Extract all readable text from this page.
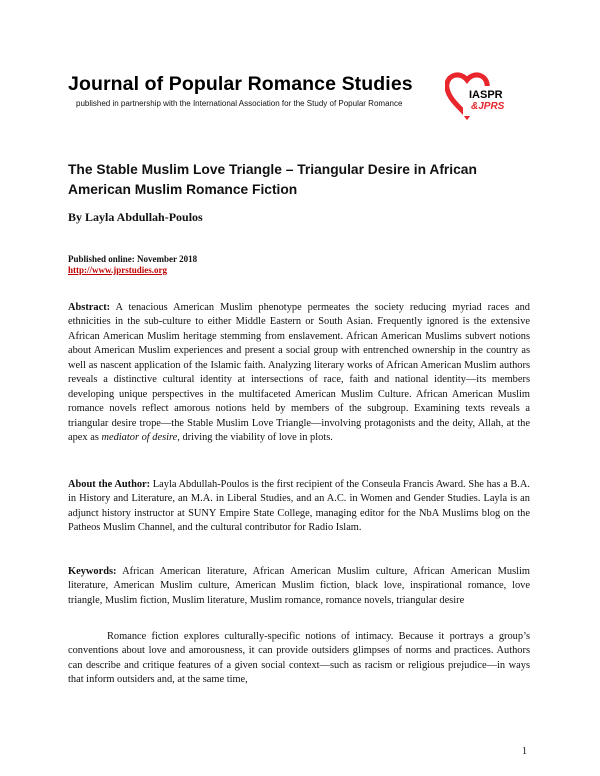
Journal of Popular Romance Studies
published in partnership with the International Association for the Study of Popular Romance
IASPR
&JPRS
The Stable Muslim Love Triangle – Triangular Desire in African American Muslim Romance Fiction
By Layla Abdullah-Poulos
Published online: November 2018
http://www.jprstudies.org

Abstract: A tenacious American Muslim phenotype permeates the society reducing myriad races and ethnicities in the sub-culture to either Middle Eastern or South Asian. Frequently ignored is the extensive African American Muslim heritage stemming from enslavement. African American Muslims subvert notions about American Muslim experiences and present a social group with entrenched ownership in the country as well as nascent application of the Islamic faith. Analyzing literary works of African American Muslim authors reveals a distinctive cultural identity at intersections of race, faith and national identity—its members developing unique perspectives in the multifaceted American Muslim Culture. African American Muslim romance novels reflect amorous notions held by members of the subgroup. Examining texts reveals a triangular desire trope—the Stable Muslim Love Triangle—involving protagonists and the deity, Allah, at the apex as mediator of desire, driving the viability of love in plots.

About the Author: Layla Abdullah-Poulos is the first recipient of the Conseula Francis Award. She has a B.A. in History and Literature, an M.A. in Liberal Studies, and an A.C. in Women and Gender Studies. Layla is an adjunct history instructor at SUNY Empire State College, managing editor for the NbA Muslims blog on the Patheos Muslim Channel, and the cultural contributor for Radio Islam.

Keywords: African American literature, African American Muslim culture, African American Muslim literature, American Muslim culture, American Muslim fiction, black love, inspirational romance, love triangle, Muslim fiction, Muslim literature, Muslim romance, romance novels, triangular desire

Romance fiction explores culturally-specific notions of intimacy. Because it portrays a group’s conventions about love and amorousness, it can provide outsiders glimpses of norms and practices. Authors can describe and critique features of a given social context—such as racism or religious prejudice—in ways that inform outsiders and, at the same time,

1
